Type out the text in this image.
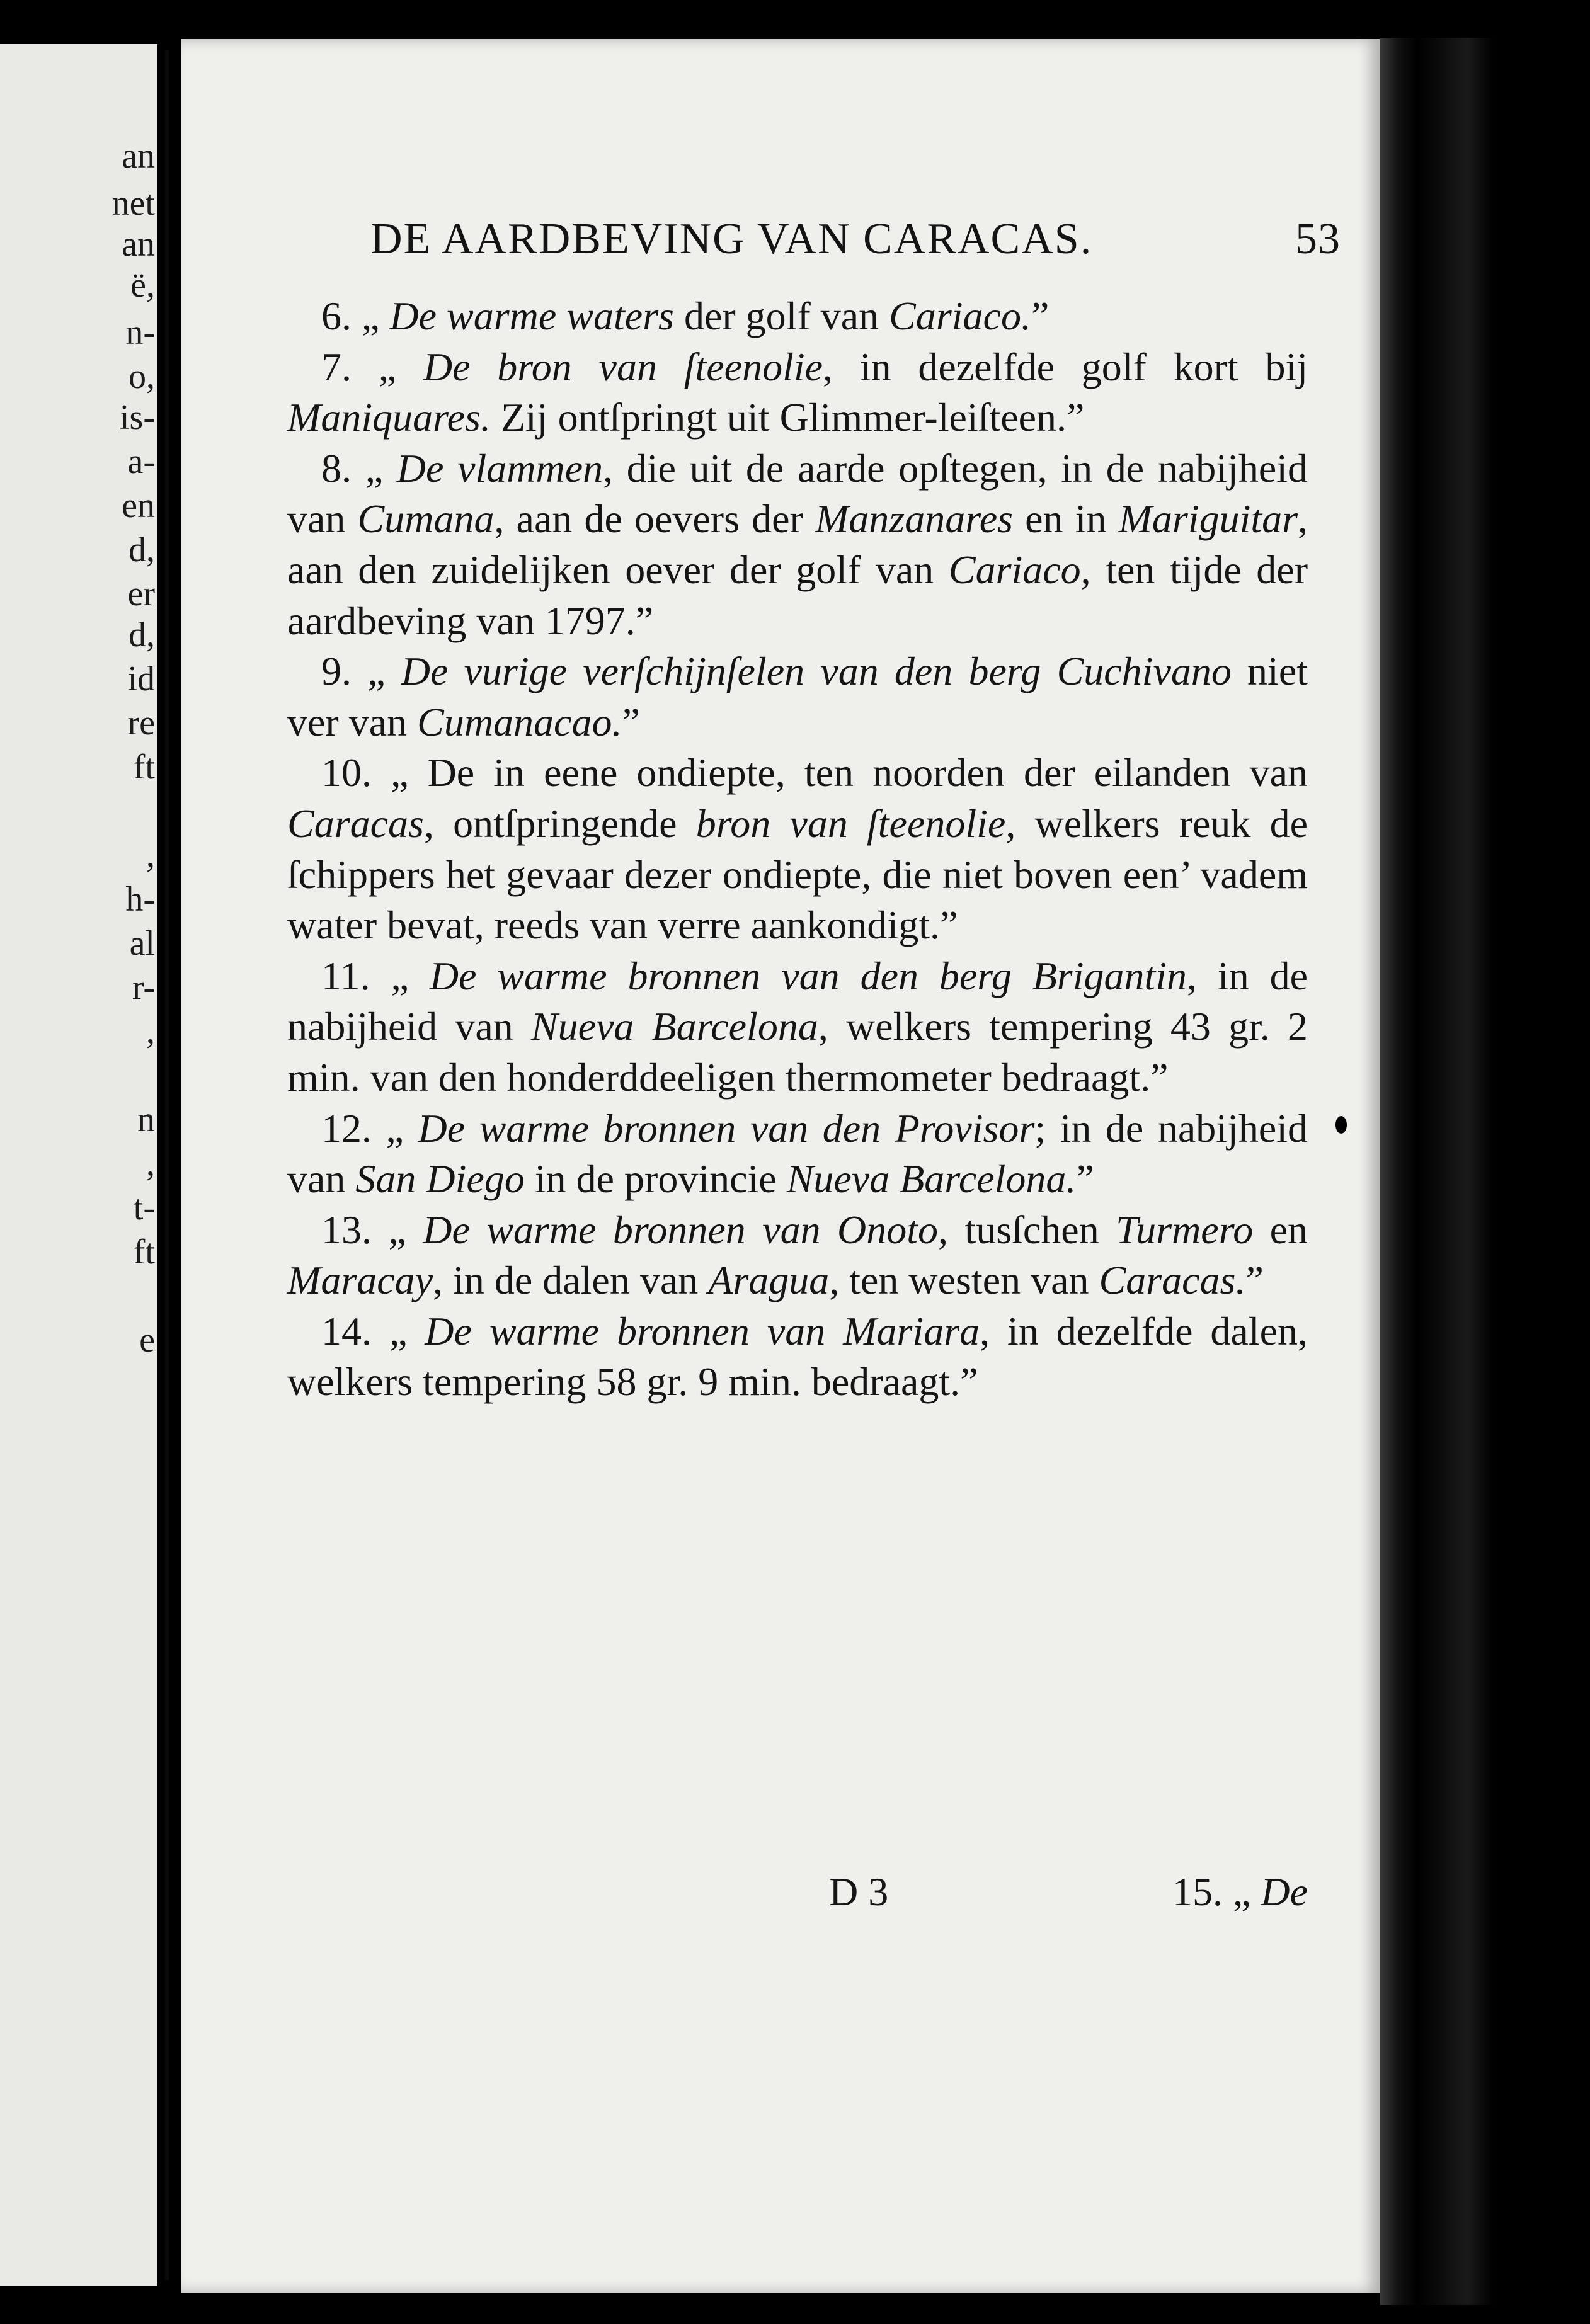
an
net
an
ë,
n-
o,
is-
a-
en
d,
er
d,
id
re
ft
,
h-
al
r-
,
n
,
t-
ft
e
DE AARDBEVING VAN CARACAS.	53

6. „ De warme waters der golf van Cariaco.”

7. „ De bron van ſteenolie, in dezelfde golf kort bij Maniquares. Zij ontſpringt uit Glimmer-leiſteen.”

8. „ De vlammen, die uit de aarde opſtegen, in de nabijheid van Cumana, aan de oevers der Manzanares en in Mariguitar, aan den zuidelijken oever der golf van Cariaco, ten tijde der aardbeving van 1797.”

9. „ De vurige verſchijnſelen van den berg Cuchivano niet ver van Cumanacao.”

10. „ De in eene ondiepte, ten noorden der eilanden van Caracas, ontſpringende bron van ſteenolie, welkers reuk de ſchippers het gevaar dezer ondiepte, die niet boven een’ vadem water bevat, reeds van verre aankondigt.”

11. „ De warme bronnen van den berg Brigantin, in de nabijheid van Nueva Barcelona, welkers tempering 43 gr. 2 min. van den honderddeeligen thermometer bedraagt.”

12. „ De warme bronnen van den Provisor; in de nabijheid van San Diego in de provincie Nueva Barcelona.”

13. „ De warme bronnen van Onoto, tusſchen Turmero en Maracay, in de dalen van Aragua, ten westen van Caracas.”

14. „ De warme bronnen van Mariara, in dezelfde dalen, welkers tempering 58 gr. 9 min. bedraagt.”

D 3	15. „ De
